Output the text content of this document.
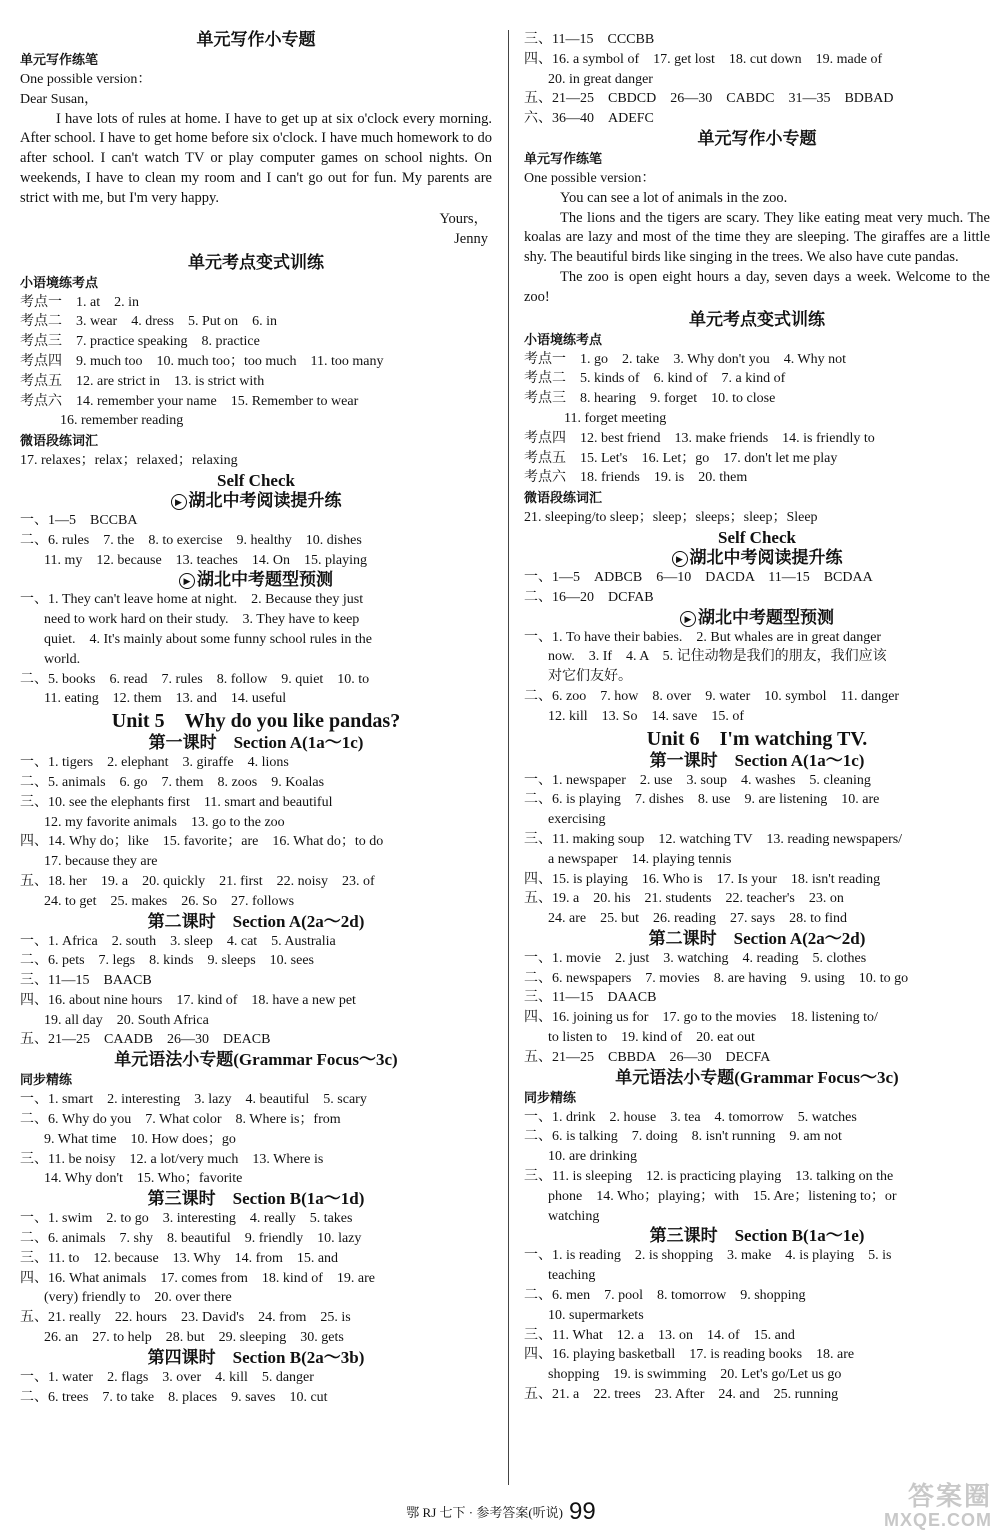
单元写作小专题

单元写作练笔

One possible version：

Dear Susan，

I have lots of rules at home. I have to get up at six o'clock every morning. After school. I have to get home before six o'clock. I have much homework to do after school. I can't watch TV or play computer games on school nights. On weekends, I have to clean my room and I can't go out for fun. My parents are strict with me, but I'm very happy.

Yours，

Jenny

单元考点变式训练

小语境练考点

考点一　1. at　2. in

考点二　3. wear　4. dress　5. Put on　6. in

考点三　7. practice speaking　8. practice

考点四　9. much too　10. much too；too much　11. too many

考点五　12. are strict in　13. is strict with

考点六　14. remember your name　15. Remember to wear

16. remember reading

微语段练词汇

17. relaxes；relax；relaxed；relaxing

Self Check

▶ 湖北中考阅读提升练

一、1—5　BCCBA

二、6. rules　7. the　8. to exercise　9. healthy　10. dishes

11. my　12. because　13. teaches　14. On　15. playing

▶ 湖北中考题型预测

一、1. They can't leave home at night.　2. Because they just

need to work hard on their study.　3. They have to keep

quiet.　4. It's mainly about some funny school rules in the

world.

二、5. books　6. read　7. rules　8. follow　9. quiet　10. to

11. eating　12. them　13. and　14. useful

Unit 5　Why do you like pandas?

第一课时　Section A(1a～1c)

一、1. tigers　2. elephant　3. giraffe　4. lions

二、5. animals　6. go　7. them　8. zoos　9. Koalas

三、10. see the elephants first　11. smart and beautiful

12. my favorite animals　13. go to the zoo

四、14. Why do；like　15. favorite；are　16. What do；to do

17. because they are

五、18. her　19. a　20. quickly　21. first　22. noisy　23. of

24. to get　25. makes　26. So　27. follows

第二课时　Section A(2a～2d)

一、1. Africa　2. south　3. sleep　4. cat　5. Australia

二、6. pets　7. legs　8. kinds　9. sleeps　10. sees

三、11—15　BAACB

四、16. about nine hours　17. kind of　18. have a new pet

19. all day　20. South Africa

五、21—25　CAADB　26—30　DEACB

单元语法小专题(Grammar Focus～3c)

同步精练

一、1. smart　2. interesting　3. lazy　4. beautiful　5. scary

二、6. Why do you　7. What color　8. Where is；from

9. What time　10. How does；go

三、11. be noisy　12. a lot/very much　13. Where is

14. Why don't　15. Who；favorite

第三课时　Section B(1a～1d)

一、1. swim　2. to go　3. interesting　4. really　5. takes

二、6. animals　7. shy　8. beautiful　9. friendly　10. lazy

三、11. to　12. because　13. Why　14. from　15. and

四、16. What animals　17. comes from　18. kind of　19. are

(very) friendly to　20. over there

五、21. really　22. hours　23. David's　24. from　25. is

26. an　27. to help　28. but　29. sleeping　30. gets

第四课时　Section B(2a～3b)

一、1. water　2. flags　3. over　4. kill　5. danger

二、6. trees　7. to take　8. places　9. saves　10. cut

三、11—15　CCCBB

四、16. a symbol of　17. get lost　18. cut down　19. made of

20. in great danger

五、21—25　CBDCD　26—30　CABDC　31—35　BDBAD

六、36—40　ADEFC

单元写作小专题

单元写作练笔

One possible version：

You can see a lot of animals in the zoo.

The lions and the tigers are scary. They like eating meat very much. The koalas are lazy and most of the time they are sleeping. The giraffes are a little shy. The beautiful birds like singing in the trees. We also have cute pandas.

The zoo is open eight hours a day, seven days a week. Welcome to the zoo!

单元考点变式训练

小语境练考点

考点一　1. go　2. take　3. Why don't you　4. Why not

考点二　5. kinds of　6. kind of　7. a kind of

考点三　8. hearing　9. forget　10. to close

11. forget meeting

考点四　12. best friend　13. make friends　14. is friendly to

考点五　15. Let's　16. Let；go　17. don't let me play

考点六　18. friends　19. is　20. them

微语段练词汇

21. sleeping/to sleep；sleep；sleeps；sleep；Sleep

Self Check

▶ 湖北中考阅读提升练

一、1—5　ADBCB　6—10　DACDA　11—15　BCDAA

二、16—20　DCFAB

▶ 湖北中考题型预测

一、1. To have their babies.　2. But whales are in great danger

now.　3. If　4. A　5. 记住动物是我们的朋友，我们应该

对它们友好。

二、6. zoo　7. how　8. over　9. water　10. symbol　11. danger

12. kill　13. So　14. save　15. of

Unit 6　I'm watching TV.

第一课时　Section A(1a～1c)

一、1. newspaper　2. use　3. soup　4. washes　5. cleaning

二、6. is playing　7. dishes　8. use　9. are listening　10. are

exercising

三、11. making soup　12. watching TV　13. reading newspapers/

a newspaper　14. playing tennis

四、15. is playing　16. Who is　17. Is your　18. isn't reading

五、19. a　20. his　21. students　22. teacher's　23. on

24. are　25. but　26. reading　27. says　28. to find

第二课时　Section A(2a～2d)

一、1. movie　2. just　3. watching　4. reading　5. clothes

二、6. newspapers　7. movies　8. are having　9. using　10. to go

三、11—15　DAACB

四、16. joining us for　17. go to the movies　18. listening to/

to listen to　19. kind of　20. eat out

五、21—25　CBBDA　26—30　DECFA

单元语法小专题(Grammar Focus～3c)

同步精练

一、1. drink　2. house　3. tea　4. tomorrow　5. watches

二、6. is talking　7. doing　8. isn't running　9. am not

10. are drinking

三、11. is sleeping　12. is practicing playing　13. talking on the

phone　14. Who；playing；with　15. Are；listening to；or

watching

第三课时　Section B(1a～1e)

一、1. is reading　2. is shopping　3. make　4. is playing　5. is

teaching

二、6. men　7. pool　8. tomorrow　9. shopping

10. supermarkets

三、11. What　12. a　13. on　14. of　15. and

四、16. playing basketball　17. is reading books　18. are

shopping　19. is swimming　20. Let's go/Let us go

五、21. a　22. trees　23. After　24. and　25. running

鄂 RJ 七下 · 参考答案(听说) 99
答案圈
MXQE.COM
